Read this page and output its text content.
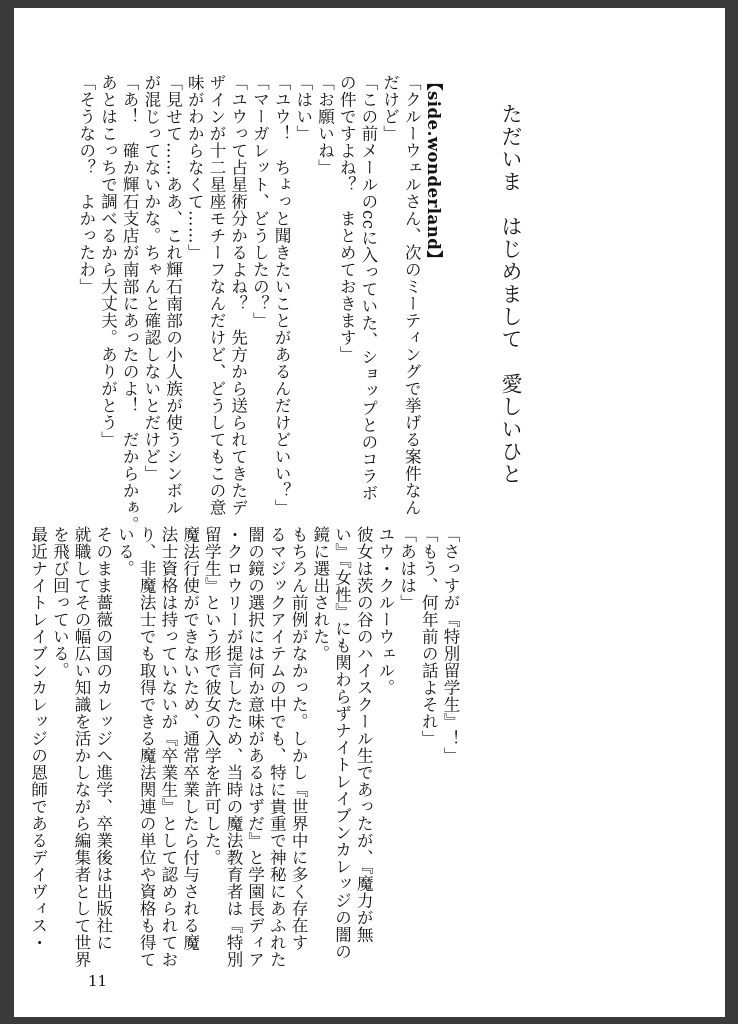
ただいま　はじめまして　愛しいひと
【side.wonderland】
「クルーウェルさん、次のミーティングで挙げる案件なん
だけど」
「この前メールのccに入っていた、ショップとのコラボ
の件ですよね？　まとめておきます」
「お願いね」
「はい」
「ユウ！　ちょっと聞きたいことがあるんだけどいい？」
「マーガレット、どうしたの？」
「ユウって占星術分かるよね？　先方から送られてきたデ
ザインが十二星座モチーフなんだけど、どうしてもこの意
味がわからなくて……」
「見せて……ああ、これ輝石南部の小人族が使うシンボル
が混じってないかな。ちゃんと確認しないとだけど」
「あ！　確か輝石支店が南部にあったのよ！　だからかぁ。
あとはこっちで調べるから大丈夫。ありがとう」
「そうなの？　よかったわ」
「さっすが『特別留学生』！」
「もう、何年前の話よそれ」
「あはは」
ユウ・クルーウェル。
彼女は茨の谷のハイスクール生であったが、『魔力が無
い』『女性』にも関わらずナイトレイブンカレッジの闇の
鏡に選出された。
もちろん前例がなかった。しかし『世界中に多く存在す
るマジックアイテムの中でも、特に貴重で神秘にあふれた
闇の鏡の選択には何か意味があるはずだ』と学園長ディア
・クロウリーが提言したため、当時の魔法教育者は『特別
留学生』という形で彼女の入学を許可した。
魔法行使ができないため、通常卒業したら付与される魔
法士資格は持っていないが『卒業生』として認められてお
り、非魔法士でも取得できる魔法関連の単位や資格も得て
いる。
そのまま薔薇の国のカレッジへ進学、卒業後は出版社に
就職してその幅広い知識を活かしながら編集者として世界
を飛び回っている。
最近ナイトレイブンカレッジの恩師であるデイヴィス・
11
